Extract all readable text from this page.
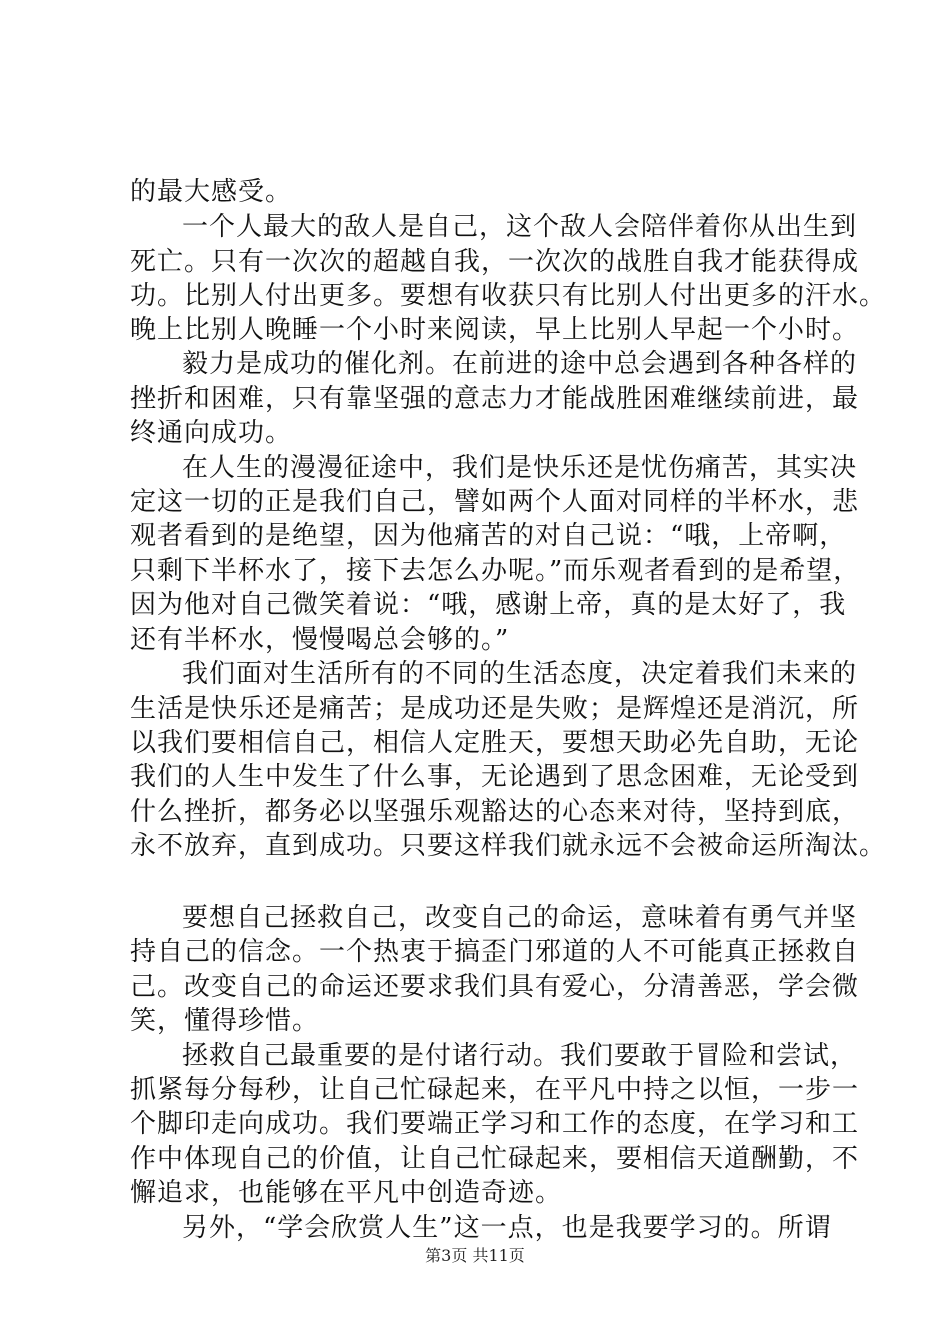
的最大感受。
一个人最大的敌人是自己，这个敌人会陪伴着你从出生到
死亡。只有一次次的超越自我，一次次的战胜自我才能获得成
功。比别人付出更多。要想有收获只有比别人付出更多的汗水。
晚上比别人晚睡一个小时来阅读，早上比别人早起一个小时。
毅力是成功的催化剂。在前进的途中总会遇到各种各样的
挫折和困难，只有靠坚强的意志力才能战胜困难继续前进，最
终通向成功。
在人生的漫漫征途中，我们是快乐还是忧伤痛苦，其实决
定这一切的正是我们自己，譬如两个人面对同样的半杯水，悲
观者看到的是绝望，因为他痛苦的对自己说：“哦，上帝啊，
只剩下半杯水了，接下去怎么办呢。”而乐观者看到的是希望，
因为他对自己微笑着说：“哦，感谢上帝，真的是太好了，我
还有半杯水，慢慢喝总会够的。”
我们面对生活所有的不同的生活态度，决定着我们未来的
生活是快乐还是痛苦；是成功还是失败；是辉煌还是消沉，所
以我们要相信自己，相信人定胜天，要想天助必先自助，无论
我们的人生中发生了什么事，无论遇到了思念困难，无论受到
什么挫折，都务必以坚强乐观豁达的心态来对待，坚持到底，
永不放弃，直到成功。只要这样我们就永远不会被命运所淘汰。
要想自己拯救自己，改变自己的命运，意味着有勇气并坚
持自己的信念。一个热衷于搞歪门邪道的人不可能真正拯救自
己。改变自己的命运还要求我们具有爱心，分清善恶，学会微
笑，懂得珍惜。
拯救自己最重要的是付诸行动。我们要敢于冒险和尝试，
抓紧每分每秒，让自己忙碌起来，在平凡中持之以恒，一步一
个脚印走向成功。我们要端正学习和工作的态度，在学习和工
作中体现自己的价值，让自己忙碌起来，要相信天道酬勤，不
懈追求，也能够在平凡中创造奇迹。
另外，“学会欣赏人生”这一点，也是我要学习的。所谓
第3页 共11页
